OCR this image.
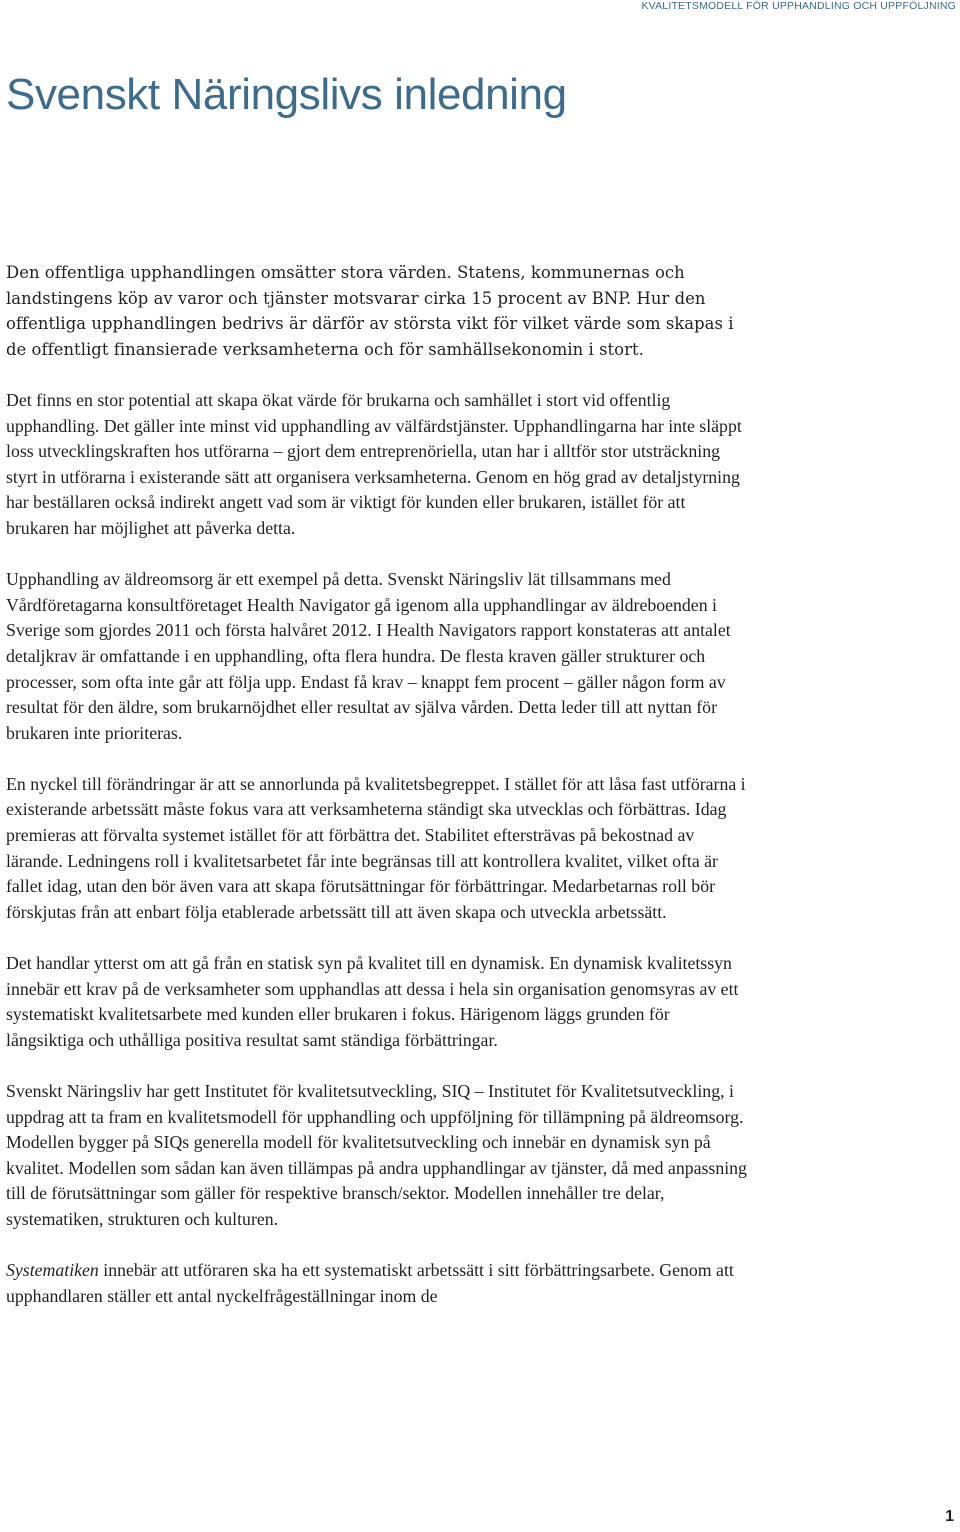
KVALITETSMODELL FÖR UPPHANDLING OCH UPPFÖLJNING
Svenskt Näringslivs inledning

Den offentliga upphandlingen omsätter stora värden. Statens, kommunernas och landstingens köp av varor och tjänster motsvarar cirka 15 procent av BNP. Hur den offentliga upphandlingen bedrivs är därför av största vikt för vilket värde som skapas i de offentligt finansierade verksamheterna och för samhällsekonomin i stort.

Det finns en stor potential att skapa ökat värde för brukarna och samhället i stort vid offentlig upphandling. Det gäller inte minst vid upphandling av välfärdstjänster. Upphandlingarna har inte släppt loss utvecklingskraften hos utförarna – gjort dem entreprenöriella, utan har i alltför stor utsträckning styrt in utförarna i existerande sätt att organisera verksamheterna. Genom en hög grad av detaljstyrning har beställaren också indirekt angett vad som är viktigt för kunden eller brukaren, istället för att brukaren har möjlighet att påverka detta.

Upphandling av äldreomsorg är ett exempel på detta. Svenskt Näringsliv lät tillsammans med Vårdföretagarna konsultföretaget Health Navigator gå igenom alla upphandlingar av äldreboenden i Sverige som gjordes 2011 och första halvåret 2012. I Health Navigators rapport konstateras att antalet detaljkrav är omfattande i en upphandling, ofta flera hundra. De flesta kraven gäller strukturer och processer, som ofta inte går att följa upp. Endast få krav – knappt fem procent – gäller någon form av resultat för den äldre, som brukarnöjdhet eller resultat av själva vården. Detta leder till att nyttan för brukaren inte prioriteras.

En nyckel till förändringar är att se annorlunda på kvalitetsbegreppet. I stället för att låsa fast utförarna i existerande arbetssätt måste fokus vara att verksamheterna ständigt ska utvecklas och förbättras. Idag premieras att förvalta systemet istället för att förbättra det. Stabilitet eftersträvas på bekostnad av lärande. Ledningens roll i kvalitetsarbetet får inte begränsas till att kontrollera kvalitet, vilket ofta är fallet idag, utan den bör även vara att skapa förutsättningar för förbättringar. Medarbetarnas roll bör förskjutas från att enbart följa etablerade arbetssätt till att även skapa och utveckla arbetssätt.

Det handlar ytterst om att gå från en statisk syn på kvalitet till en dynamisk. En dynamisk kvalitetssyn innebär ett krav på de verksamheter som upphandlas att dessa i hela sin organisation genomsyras av ett systematiskt kvalitetsarbete med kunden eller brukaren i fokus. Härigenom läggs grunden för långsiktiga och uthålliga positiva resultat samt ständiga förbättringar.

Svenskt Näringsliv har gett Institutet för kvalitetsutveckling, SIQ – Institutet för Kvalitetsutveckling, i uppdrag att ta fram en kvalitetsmodell för upphandling och uppföljning för tillämpning på äldreomsorg. Modellen bygger på SIQs generella modell för kvalitetsutveckling och innebär en dynamisk syn på kvalitet. Modellen som sådan kan även tillämpas på andra upphandlingar av tjänster, då med anpassning till de förutsättningar som gäller för respektive bransch/sektor. Modellen innehåller tre delar, systematiken, strukturen och kulturen.

Systematiken innebär att utföraren ska ha ett systematiskt arbetssätt i sitt förbättringsarbete. Genom att upphandlaren ställer ett antal nyckelfrågeställningar inom de

1
